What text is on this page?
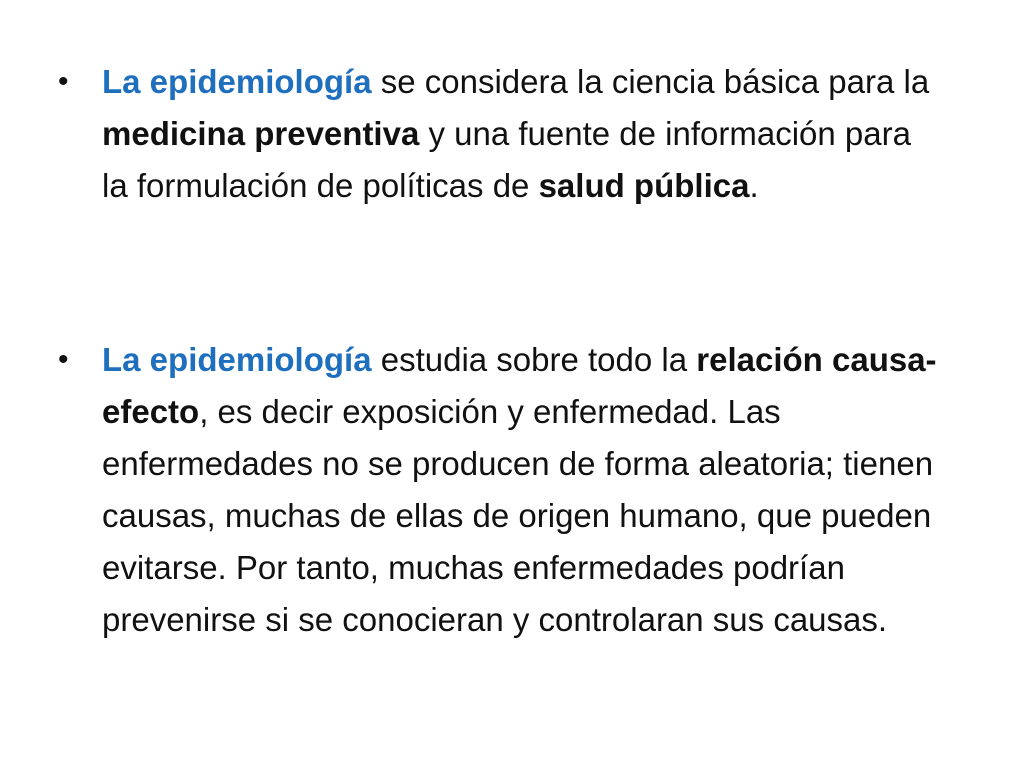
• La epidemiología se considera la ciencia básica para la medicina preventiva y una fuente de información para la formulación de políticas de salud pública.
• La epidemiología estudia sobre todo la relación causa-efecto, es decir exposición y enfermedad. Las enfermedades no se producen de forma aleatoria; tienen causas, muchas de ellas de origen humano, que pueden evitarse. Por tanto, muchas enfermedades podrían prevenirse si se conocieran y controlaran sus causas.
